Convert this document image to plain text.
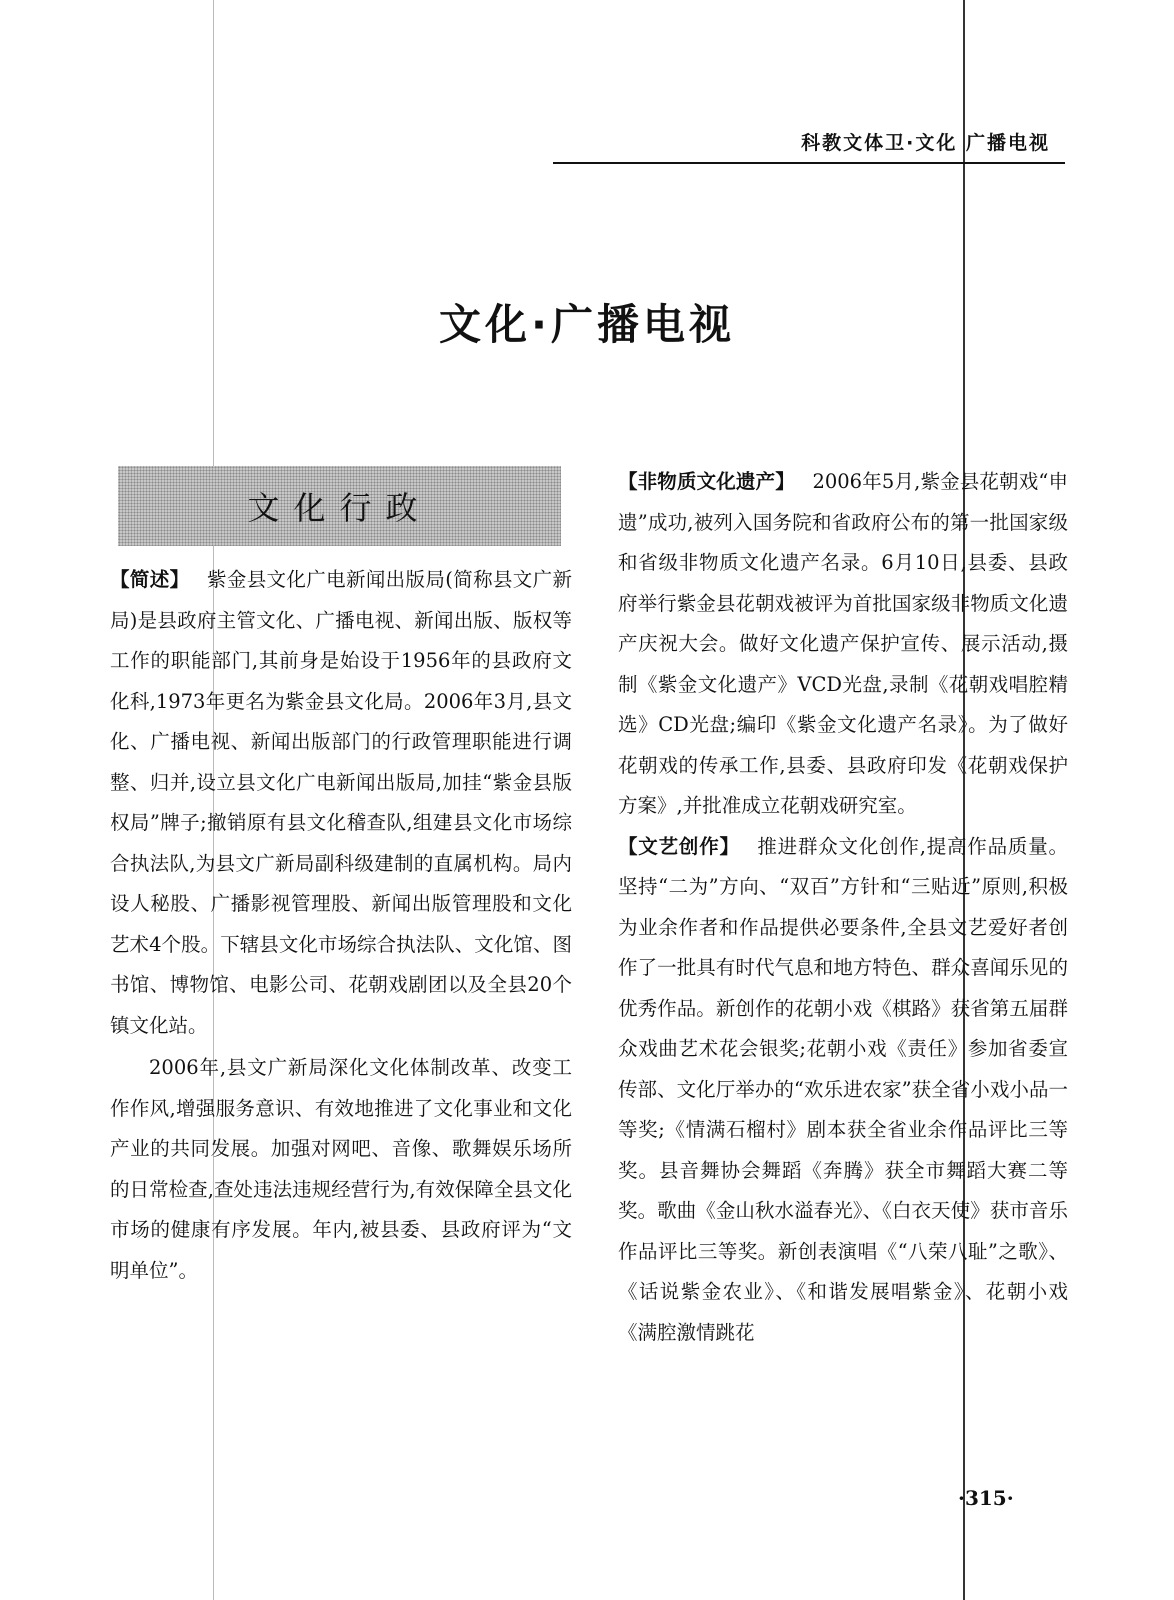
科教文体卫·文化 广播电视
文化·广播电视
文化行政

【简述】 紫金县文化广电新闻出版局(简称县文广新局)是县政府主管文化、广播电视、新闻出版、版权等工作的职能部门,其前身是始设于1956年的县政府文化科,1973年更名为紫金县文化局。2006年3月,县文化、广播电视、新闻出版部门的行政管理职能进行调整、归并,设立县文化广电新闻出版局,加挂“紫金县版权局”牌子;撤销原有县文化稽查队,组建县文化市场综合执法队,为县文广新局副科级建制的直属机构。局内设人秘股、广播影视管理股、新闻出版管理股和文化艺术4个股。下辖县文化市场综合执法队、文化馆、图书馆、博物馆、电影公司、花朝戏剧团以及全县20个镇文化站。

2006年,县文广新局深化文化体制改革、改变工作作风,增强服务意识、有效地推进了文化事业和文化产业的共同发展。加强对网吧、音像、歌舞娱乐场所的日常检查,查处违法违规经营行为,有效保障全县文化市场的健康有序发展。年内,被县委、县政府评为“文明单位”。

【非物质文化遗产】 2006年5月,紫金县花朝戏“申遗”成功,被列入国务院和省政府公布的第一批国家级和省级非物质文化遗产名录。6月10日,县委、县政府举行紫金县花朝戏被评为首批国家级非物质文化遗产庆祝大会。做好文化遗产保护宣传、展示活动,摄制《紫金文化遗产》VCD光盘,录制《花朝戏唱腔精选》CD光盘;编印《紫金文化遗产名录》。为了做好花朝戏的传承工作,县委、县政府印发《花朝戏保护方案》,并批准成立花朝戏研究室。

【文艺创作】 推进群众文化创作,提高作品质量。坚持“二为”方向、“双百”方针和“三贴近”原则,积极为业余作者和作品提供必要条件,全县文艺爱好者创作了一批具有时代气息和地方特色、群众喜闻乐见的优秀作品。新创作的花朝小戏《棋路》获省第五届群众戏曲艺术花会银奖;花朝小戏《责任》参加省委宣传部、文化厅举办的“欢乐进农家”获全省小戏小品一等奖;《情满石榴村》剧本获全省业余作品评比三等奖。县音舞协会舞蹈《奔腾》获全市舞蹈大赛二等奖。歌曲《金山秋水溢春光》、《白衣天使》获市音乐作品评比三等奖。新创表演唱《“八荣八耻”之歌》、《话说紫金农业》、《和谐发展唱紫金》、花朝小戏《满腔激情跳花

·315·
